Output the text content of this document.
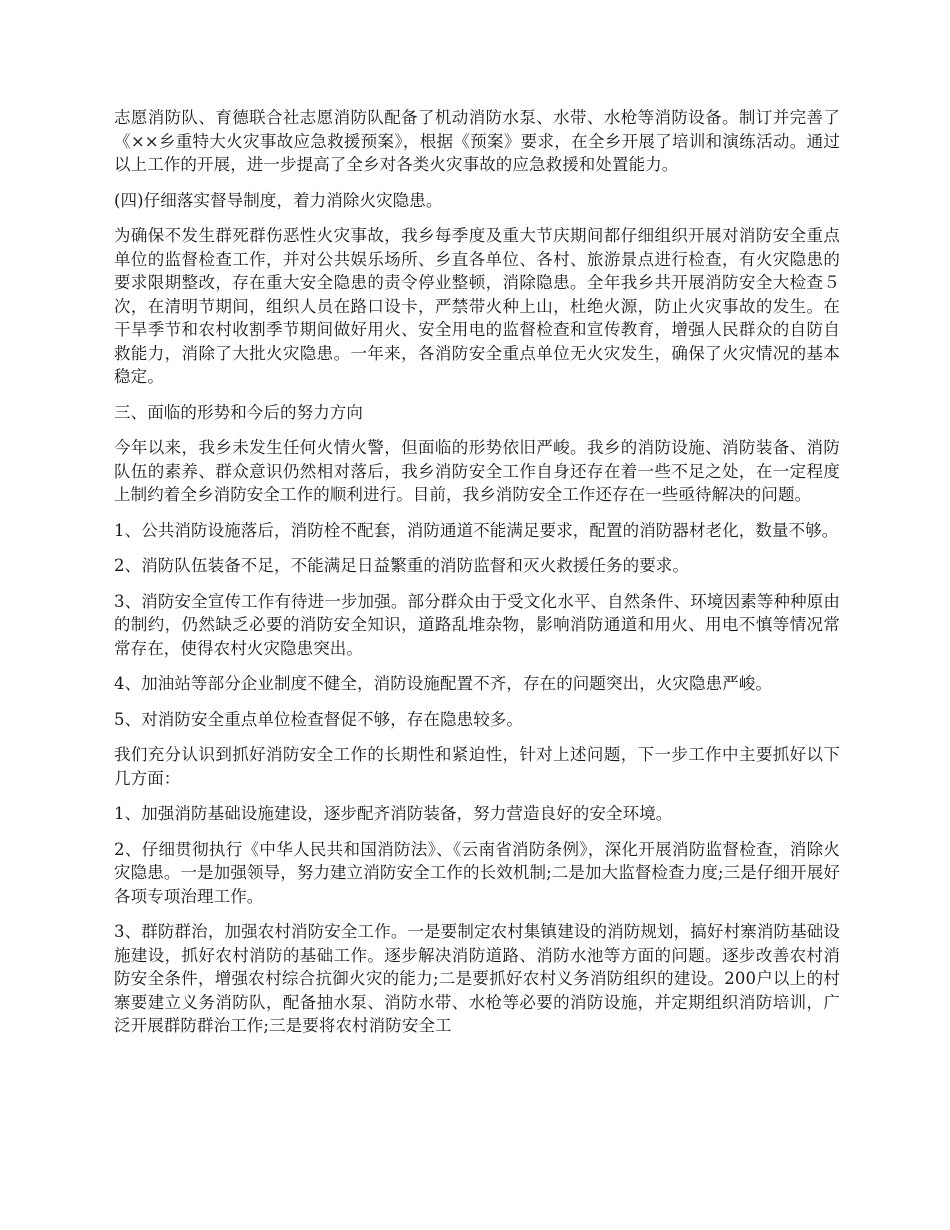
志愿消防队、育德联合社志愿消防队配备了机动消防水泵、水带、水枪等消防设备。制订并完善了《××乡重特大火灾事故应急救援预案》，根据《预案》要求，在全乡开展了培训和演练活动。通过以上工作的开展，进一步提高了全乡对各类火灾事故的应急救援和处置能力。

(四)仔细落实督导制度，着力消除火灾隐患。

为确保不发生群死群伤恶性火灾事故，我乡每季度及重大节庆期间都仔细组织开展对消防安全重点单位的监督检查工作，并对公共娱乐场所、乡直各单位、各村、旅游景点进行检查，有火灾隐患的要求限期整改，存在重大安全隐患的责令停业整顿，消除隐患。全年我乡共开展消防安全大检查５次，在清明节期间，组织人员在路口设卡，严禁带火种上山，杜绝火源，防止火灾事故的发生。在干旱季节和农村收割季节期间做好用火、安全用电的监督检查和宣传教育，增强人民群众的自防自救能力，消除了大批火灾隐患。一年来，各消防安全重点单位无火灾发生，确保了火灾情况的基本稳定。

三、面临的形势和今后的努力方向

今年以来，我乡未发生任何火情火警，但面临的形势依旧严峻。我乡的消防设施、消防装备、消防队伍的素养、群众意识仍然相对落后，我乡消防安全工作自身还存在着一些不足之处，在一定程度上制约着全乡消防安全工作的顺利进行。目前，我乡消防安全工作还存在一些亟待解决的问题。

1、公共消防设施落后，消防栓不配套，消防通道不能满足要求，配置的消防器材老化，数量不够。

2、消防队伍装备不足，不能满足日益繁重的消防监督和灭火救援任务的要求。

3、消防安全宣传工作有待进一步加强。部分群众由于受文化水平、自然条件、环境因素等种种原由的制约，仍然缺乏必要的消防安全知识，道路乱堆杂物，影响消防通道和用火、用电不慎等情况常常存在，使得农村火灾隐患突出。

4、加油站等部分企业制度不健全，消防设施配置不齐，存在的问题突出，火灾隐患严峻。

5、对消防安全重点单位检查督促不够，存在隐患较多。

我们充分认识到抓好消防安全工作的长期性和紧迫性，针对上述问题，下一步工作中主要抓好以下几方面：

1、加强消防基础设施建设，逐步配齐消防装备，努力营造良好的安全环境。

2、仔细贯彻执行《中华人民共和国消防法》、《云南省消防条例》，深化开展消防监督检查，消除火灾隐患。一是加强领导，努力建立消防安全工作的长效机制;二是加大监督检查力度;三是仔细开展好各项专项治理工作。

3、群防群治，加强农村消防安全工作。一是要制定农村集镇建设的消防规划，搞好村寨消防基础设施建设，抓好农村消防的基础工作。逐步解决消防道路、消防水池等方面的问题。逐步改善农村消防安全条件，增强农村综合抗御火灾的能力;二是要抓好农村义务消防组织的建设。200户以上的村寨要建立义务消防队，配备抽水泵、消防水带、水枪等必要的消防设施，并定期组织消防培训，广泛开展群防群治工作;三是要将农村消防安全工
